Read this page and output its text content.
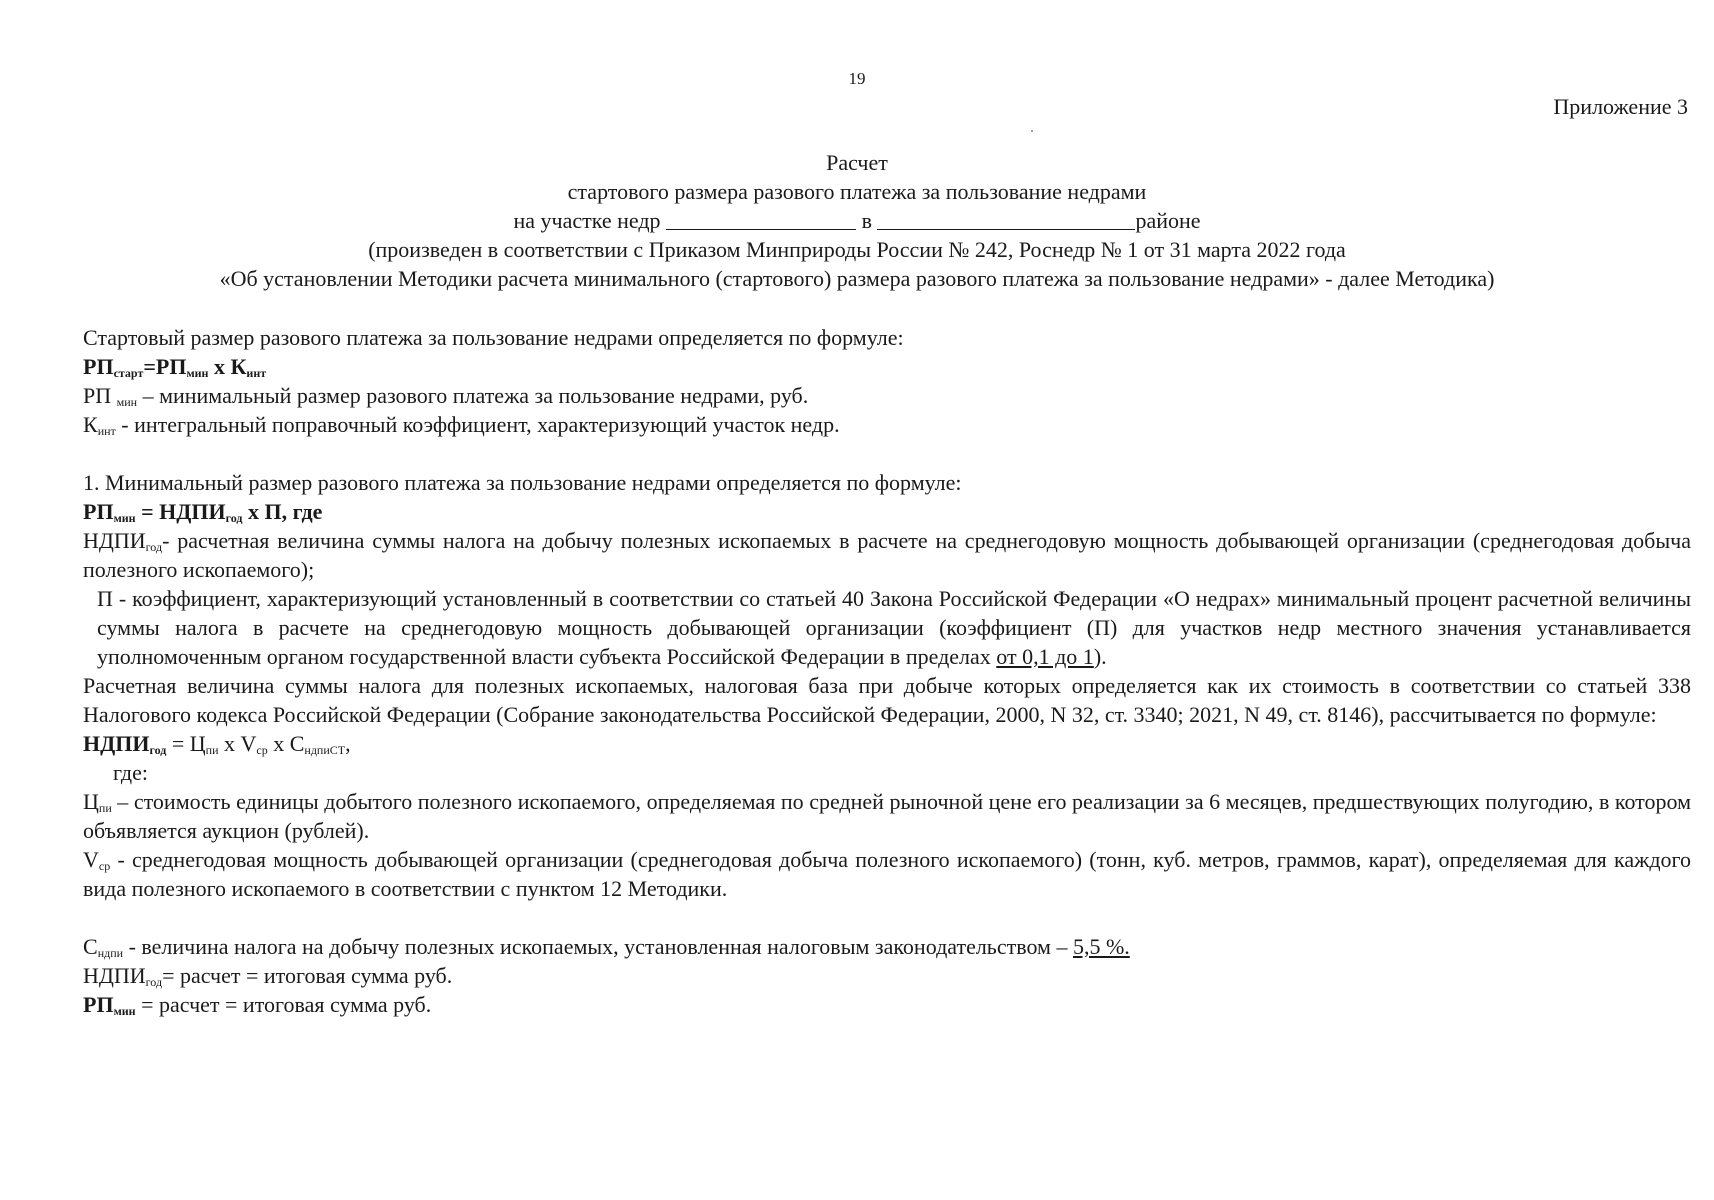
19
Приложение 3
Расчет
стартового размера разового платежа за пользование недрами
на участке недр	в	районе
(произведен в соответствии с Приказом Минприроды России № 242, Роснедр № 1 от 31 марта 2022 года
«Об установлении Методики расчета минимального (стартового) размера разового платежа за пользование недрами» - далее Методика)
Стартовый размер разового платежа за пользование недрами определяется по формуле:
$РП_{старт}=РП_{мин}$ х $К_{инт}$
РП $_{мин}$ – минимальный размер разового платежа за пользование недрами, руб.
$К_{инт}$ - интегральный поправочный коэффициент, характеризующий участок недр.
1. Минимальный размер разового платежа за пользование недрами определяется по формуле:
$РП_{мин}$ = $НДПИ_{год}$ х П, где
$НДПИ_{год}-$ расчетная величина суммы налога на добычу полезных ископаемых в расчете на среднегодовую мощность добывающей организации (среднегодовая добыча полезного ископаемого);
П - коэффициент, характеризующий установленный в соответствии со статьей 40 Закона Российской Федерации «О недрах» минимальный процент расчетной величины суммы налога в расчете на среднегодовую мощность добывающей организации (коэффициент (П) для участков недр местного значения устанавливается уполномоченным органом государственной власти субъекта Российской Федерации в пределах от 0,1 до 1).
Расчетная величина суммы налога для полезных ископаемых, налоговая база при добыче которых определяется как их стоимость в соответствии со статьей 338 Налогового кодекса Российской Федерации (Собрание законодательства Российской Федерации, 2000, N 32, ст. 3340; 2021, N 49, ст. 8146), рассчитывается по формуле:
$НДПИ_{год} = Ц_{пи}$ х $V_{ср}$ х $С_{ндпиСТ}$,
где:
$Ц_{пи}$ – стоимость единицы добытого полезного ископаемого, определяемая по средней рыночной цене его реализации за 6 месяцев, предшествующих полугодию, в котором объявляется аукцион (рублей).
$V_{ср}$ - среднегодовая мощность добывающей организации (среднегодовая добыча полезного ископаемого) (тонн, куб. метров, граммов, карат), определяемая для каждого вида полезного ископаемого в соответствии с пунктом 12 Методики.
$С_{ндпи}$ - величина налога на добычу полезных ископаемых, установленная налоговым законодательством – 5,5 %.
$НДПИ_{год}=$ расчет = итоговая сумма руб.
$РП_{мин}$ = расчет = итоговая сумма руб.
